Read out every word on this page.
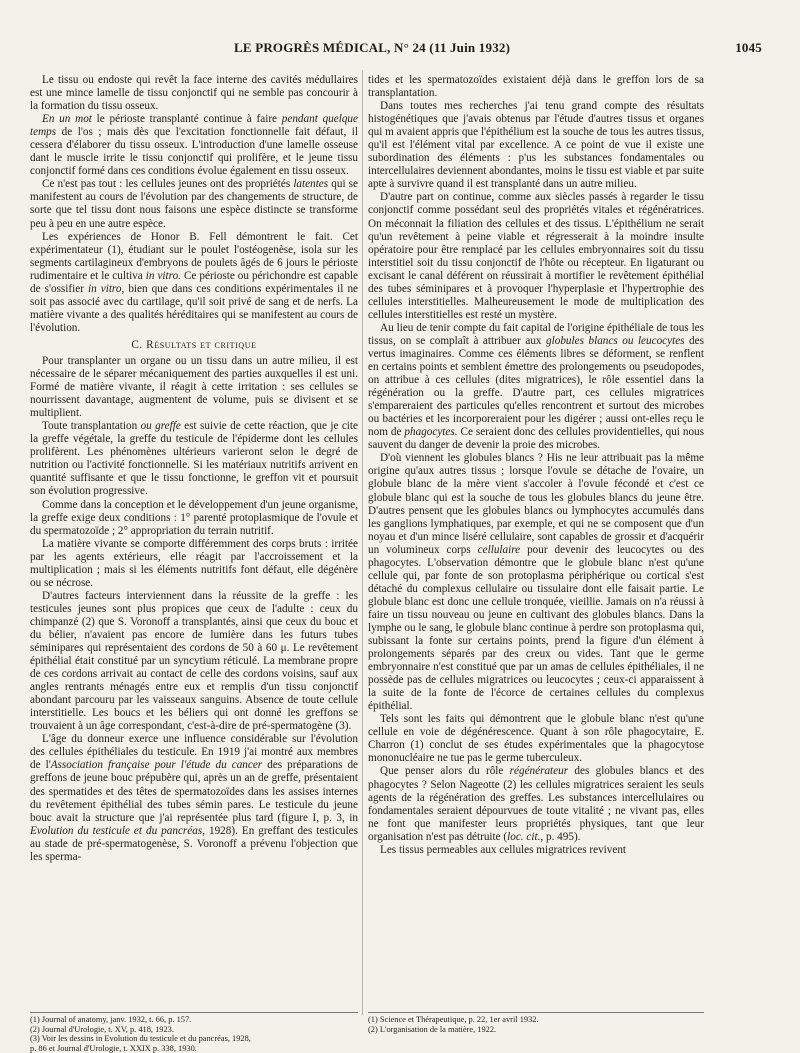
LE PROGRÈS MÉDICAL, N° 24 (11 Juin 1932)	1045

Le tissu ou endoste qui revêt la face interne des cavités médullaires est une mince lamelle de tissu conjonctif qui ne semble pas concourir à la formation du tissu osseux.

En un mot le périoste transplanté continue à faire pendant quelque temps de l'os ; mais dès que l'excitation fonctionnelle fait défaut, il cessera d'élaborer du tissu osseux. L'introduction d'une lamelle osseuse dant le muscle irrite le tissu conjonctif qui prolifère, et le jeune tissu conjonctif formé dans ces conditions évolue également en tissu osseux.

Ce n'est pas tout : les cellules jeunes ont des propriétés latentes qui se manifestent au cours de l'évolution par des changements de structure, de sorte que tel tissu dont nous faisons une espèce distincte se transforme peu à peu en une autre espèce.

Les expériences de Honor B. Fell démontrent le fait. Cet expérimentateur (1), étudiant sur le poulet l'ostéogenèse, isola sur les segments cartilagineux d'embryons de poulets âgés de 6 jours le périoste rudimentaire et le cultiva in vitro. Ce périoste ou périchondre est capable de s'ossifier in vitro, bien que dans ces conditions expérimentales il ne soit pas associé avec du cartilage, qu'il soit privé de sang et de nerfs. La matière vivante a des qualités héréditaires qui se manifestent au cours de l'évolution.

C. Résultats et critique

Pour transplanter un organe ou un tissu dans un autre milieu, il est nécessaire de le séparer mécaniquement des parties auxquelles il est uni. Formé de matière vivante, il réagit à cette irritation : ses cellules se nourrissent davantage, augmentent de volume, puis se divisent et se multiplient.

Toute transplantation ou greffe est suivie de cette réaction, que je cite la greffe végétale, la greffe du testicule de l'épiderme dont les cellules prolifèrent. Les phénomènes ultérieurs varieront selon le degré de nutrition ou l'activité fonctionnelle. Si les matériaux nutritifs arrivent en quantité suffisante et que le tissu fonctionne, le greffon vit et poursuit son évolution progressive.

Comme dans la conception et le développement d'un jeune organisme, la greffe exige deux conditions : 1° parenté protoplasmique de l'ovule et du spermatozoïde ; 2° appropriation du terrain nutritif.

La matière vivante se comporte différemment des corps bruts : irritée par les agents extérieurs, elle réagit par l'accroissement et la multiplication ; mais si les éléments nutritifs font défaut, elle dégénère ou se nécrose.

D'autres facteurs interviennent dans la réussite de la greffe : les testicules jeunes sont plus propices que ceux de l'adulte : ceux du chimpanzé (2) que S. Voronoff a transplantés, ainsi que ceux du bouc et du bélier, n'avaient pas encore de lumière dans les futurs tubes séminipares qui représentaient des cordons de 50 à 60 μ. Le revêtement épithélial était constitué par un syncytium réticulé. La membrane propre de ces cordons arrivait au contact de celle des cordons voisins, sauf aux angles rentrants ménagés entre eux et remplis d'un tissu conjonctif abondant parcouru par les vaisseaux sanguins. Absence de toute cellule interstitielle. Les boucs et les béliers qui ont donné les greffons se trouvaient à un âge correspondant, c'est-à-dire de pré-spermatogène (3).

L'âge du donneur exerce une influence considérable sur l'évolution des cellules épithéliales du testicule. En 1919 j'ai montré aux membres de l'Association française pour l'étude du cancer des préparations de greffons de jeune bouc prépubère qui, après un an de greffe, présentaient des spermatides et des têtes de spermatozoïdes dans les assises internes du revêtement épithélial des tubes sémin pares. Le testicule du jeune bouc avait la structure que j'ai représentée plus tard (figure I, p. 3, in Evolution du testicule et du pancréas, 1928). En greffant des testicules au stade de pré-spermatogenèse, S. Voronoff a prévenu l'objection que les sperma-

tides et les spermatozoïdes existaient déjà dans le greffon lors de sa transplantation.

Dans toutes mes recherches j'ai tenu grand compte des résultats histogénétiques que j'avais obtenus par l'étude d'autres tissus et organes qui m avaient appris que l'épithélium est la souche de tous les autres tissus, qu'il est l'élément vital par excellence. A ce point de vue il existe une subordination des éléments : p'us les substances fondamentales ou intercellulaires deviennent abondantes, moins le tissu est viable et par suite apte à survivre quand il est transplanté dans un autre milieu.

D'autre part on continue, comme aux siècles passés à regarder le tissu conjonctif comme possédant seul des propriétés vitales et régénératrices. On méconnait la filiation des cellules et des tissus. L'épithélium ne serait qu'un revêtement à peine viable et régresserait à la moindre insulte opératoire pour être remplacé par les cellules embryonnaires soit du tissu interstitiel soit du tissu conjonctif de l'hôte ou récepteur. En ligaturant ou excisant le canal déférent on réussirait à mortifier le revêtement épithélial des tubes séminipares et à provoquer l'hyperplasie et l'hypertrophie des cellules interstitielles. Malheureusement le mode de multiplication des cellules interstitielles est resté un mystère.

Au lieu de tenir compte du fait capital de l'origine épithéliale de tous les tissus, on se complaît à attribuer aux globules blancs ou leucocytes des vertus imaginaires. Comme ces éléments libres se déforment, se renflent en certains points et semblent émettre des prolongements ou pseudopodes, on attribue à ces cellules (dites migratrices), le rôle essentiel dans la régénération ou la greffe. D'autre part, ces cellules migratrices s'empareraient des particules qu'elles rencontrent et surtout des microbes ou bactéries et les incorporeraient pour les digérer ; aussi ont-elles reçu le nom de phagocytes. Ce seraient donc des cellules providentielles, qui nous sauvent du danger de devenir la proie des microbes.

D'où viennent les globules blancs ? His ne leur attribuait pas la même origine qu'aux autres tissus ; lorsque l'ovule se détache de l'ovaire, un globule blanc de la mère vient s'accoler à l'ovule fécondé et c'est ce globule blanc qui est la souche de tous les globules blancs du jeune être. D'autres pensent que les globules blancs ou lymphocytes accumulés dans les ganglions lymphatiques, par exemple, et qui ne se composent que d'un noyau et d'un mince liséré cellulaire, sont capables de grossir et d'acquérir un volumineux corps cellulaire pour devenir des leucocytes ou des phagocytes. L'observation démontre que le globule blanc n'est qu'une cellule qui, par fonte de son protoplasma périphérique ou cortical s'est détaché du complexus cellulaire ou tissulaire dont elle faisait partie. Le globule blanc est donc une cellule tronquée, vieillie. Jamais on n'a réussi à faire un tissu nouveau ou jeune en cultivant des globules blancs. Dans la lymphe ou le sang, le globule blanc continue à perdre son protoplasma qui, subissant la fonte sur certains points, prend la figure d'un élément à prolongements séparés par des creux ou vides. Tant que le germe embryonnaire n'est constitué que par un amas de cellules épithéliales, il ne possède pas de cellules migratrices ou leucocytes ; ceux-ci apparaissent à la suite de la fonte de l'écorce de certaines cellules du complexus épithélial.

Tels sont les faits qui démontrent que le globule blanc n'est qu'une cellule en voie de dégénérescence. Quant à son rôle phagocytaire, E. Charron (1) conclut de ses études expérimentales que la phagocytose mononucléaire ne tue pas le germe tuberculeux.

Que penser alors du rôle régénérateur des globules blancs et des phagocytes ? Selon Nageotte (2) les cellules migratrices seraient les seuls agents de la régénération des greffes. Les substances intercellulaires ou fondamentales seraient dépourvues de toute vitalité ; ne vivant pas, elles ne font que manifester leurs propriétés physiques, tant que leur organisation n'est pas détruite (loc. cit., p. 495).

Les tissus permeables aux cellules migratrices revivent

(1) Journal of anatomy, janv. 1932, t. 66, p. 157.
(2) Journal d'Urologie, t. XV, p. 418, 1923.
(3) Voir les dessins in Evolution du testicule et du pancréas, 1928,
p. 86 et Journal d'Urologie, t. XXIX p. 338, 1930.
(1) Science et Thérapeutique, p. 22, 1er avril 1932.
(2) L'organisation de la matière, 1922.
